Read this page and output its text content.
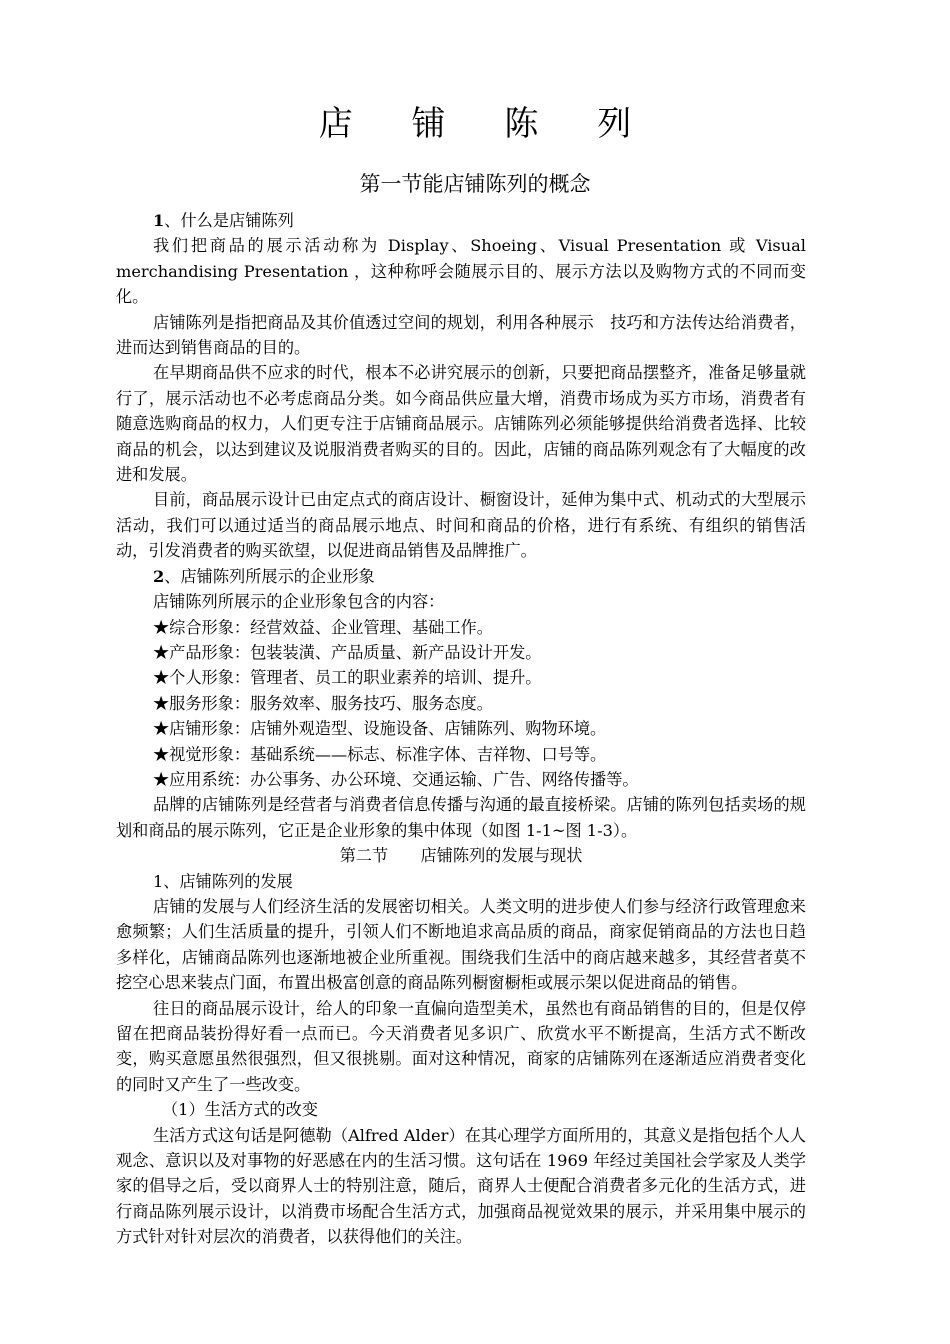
店 铺 陈 列
第一节能店铺陈列的概念

1、什么是店铺陈列

我们把商品的展示活动称为 Display、Shoeing、Visual Presentation 或 Visual merchandising Presentation ，这种称呼会随展示目的、展示方法以及购物方式的不同而变化。

店铺陈列是指把商品及其价值透过空间的规划，利用各种展示　技巧和方法传达给消费者，进而达到销售商品的目的。

在早期商品供不应求的时代，根本不必讲究展示的创新，只要把商品摆整齐，准备足够量就行了，展示活动也不必考虑商品分类。如今商品供应量大增，消费市场成为买方市场，消费者有随意选购商品的权力，人们更专注于店铺商品展示。店铺陈列必须能够提供给消费者选择、比较商品的机会，以达到建议及说服消费者购买的目的。因此，店铺的商品陈列观念有了大幅度的改进和发展。

目前，商品展示设计已由定点式的商店设计、橱窗设计，延伸为集中式、机动式的大型展示活动，我们可以通过适当的商品展示地点、时间和商品的价格，进行有系统、有组织的销售活动，引发消费者的购买欲望，以促进商品销售及品牌推广。

2、店铺陈列所展示的企业形象

店铺陈列所展示的企业形象包含的内容：

★综合形象：经营效益、企业管理、基础工作。

★产品形象：包装装潢、产品质量、新产品设计开发。

★个人形象：管理者、员工的职业素养的培训、提升。

★服务形象：服务效率、服务技巧、服务态度。

★店铺形象：店铺外观造型、设施设备、店铺陈列、购物环境。

★视觉形象：基础系统——标志、标准字体、吉祥物、口号等。

★应用系统：办公事务、办公环境、交通运输、广告、网络传播等。

品牌的店铺陈列是经营者与消费者信息传播与沟通的最直接桥梁。店铺的陈列包括卖场的规划和商品的展示陈列，它正是企业形象的集中体现（如图 1-1~图 1-3）。

第二节　　店铺陈列的发展与现状

1、店铺陈列的发展

店铺的发展与人们经济生活的发展密切相关。人类文明的进步使人们参与经济行政管理愈来愈频繁；人们生活质量的提升，引领人们不断地追求高品质的商品，商家促销商品的方法也日趋多样化，店铺商品陈列也逐渐地被企业所重视。围绕我们生活中的商店越来越多，其经营者莫不挖空心思来装点门面，布置出极富创意的商品陈列橱窗橱柜或展示架以促进商品的销售。

往日的商品展示设计，给人的印象一直偏向造型美术，虽然也有商品销售的目的，但是仅停留在把商品装扮得好看一点而已。今天消费者见多识广、欣赏水平不断提高，生活方式不断改变，购买意愿虽然很强烈，但又很挑剔。面对这种情况，商家的店铺陈列在逐渐适应消费者变化的同时又产生了一些改变。

（1）生活方式的改变

生活方式这句话是阿德勒（Alfred Alder）在其心理学方面所用的，其意义是指包括个人人观念、意识以及对事物的好恶感在内的生活习惯。这句话在 1969 年经过美国社会学家及人类学家的倡导之后，受以商界人士的特别注意，随后，商界人士便配合消费者多元化的生活方式，进行商品陈列展示设计，以消费市场配合生活方式，加强商品视觉效果的展示，并采用集中展示的方式针对针对层次的消费者，以获得他们的关注。
